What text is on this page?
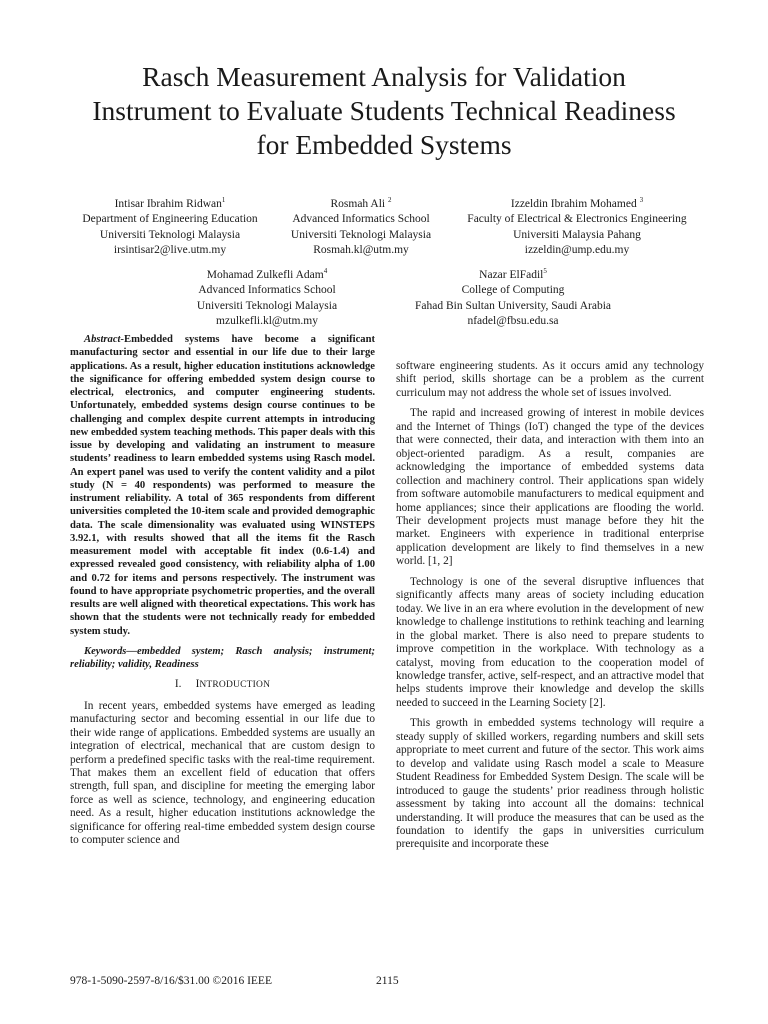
Rasch Measurement Analysis for Validation
Instrument to Evaluate Students Technical Readiness
for Embedded Systems
Intisar Ibrahim Ridwan$^1$
Department of Engineering Education
Universiti Teknologi Malaysia
irsintisar2@live.utm.my
Rosmah Ali $^2$
Advanced Informatics School
Universiti Teknologi Malaysia
Rosmah.kl@utm.my
Izzeldin Ibrahim Mohamed $^3$
Faculty of Electrical & Electronics Engineering
Universiti Malaysia Pahang
izzeldin@ump.edu.my
Mohamad Zulkefli Adam$^4$
Advanced Informatics School
Universiti Teknologi Malaysia
mzulkefli.kl@utm.my
Nazar ElFadil$^5$
College of Computing
Fahad Bin Sultan University, Saudi Arabia
nfadel@fbsu.edu.sa

Abstract-Embedded systems have become a significant manufacturing sector and essential in our life due to their large applications. As a result, higher education institutions acknowledge the significance for offering embedded system design course to electrical, electronics, and computer engineering students. Unfortunately, embedded systems design course continues to be challenging and complex despite current attempts in introducing new embedded system teaching methods. This paper deals with this issue by developing and validating an instrument to measure students’ readiness to learn embedded systems using Rasch model. An expert panel was used to verify the content validity and a pilot study (N = 40 respondents) was performed to measure the instrument reliability. A total of 365 respondents from different universities completed the 10-item scale and provided demographic data. The scale dimensionality was evaluated using WINSTEPS 3.92.1, with results showed that all the items fit the Rasch measurement model with acceptable fit index (0.6-1.4) and expressed revealed good consistency, with reliability alpha of 1.00 and 0.72 for items and persons respectively. The instrument was found to have appropriate psychometric properties, and the overall results are well aligned with theoretical expectations. This work has shown that the students were not technically ready for embedded system study.

Keywords—embedded system; Rasch analysis; instrument; reliability; validity, Readiness

I. INTRODUCTION

In recent years, embedded systems have emerged as leading manufacturing sector and becoming essential in our life due to their wide range of applications. Embedded systems are usually an integration of electrical, mechanical that are custom design to perform a predefined specific tasks with the real-time requirement. That makes them an excellent field of education that offers strength, full span, and discipline for meeting the emerging labor force as well as science, technology, and engineering education need. As a result, higher education institutions acknowledge the significance for offering real-time embedded system design course to computer science and

software engineering students. As it occurs amid any technology shift period, skills shortage can be a problem as the current curriculum may not address the whole set of issues involved.

The rapid and increased growing of interest in mobile devices and the Internet of Things (IoT) changed the type of the devices that were connected, their data, and interaction with them into an object-oriented paradigm. As a result, companies are acknowledging the importance of embedded systems data collection and machinery control. Their applications span widely from software automobile manufacturers to medical equipment and home appliances; since their applications are flooding the world. Their development projects must manage before they hit the market. Engineers with experience in traditional enterprise application development are likely to find themselves in a new world. [1, 2]

Technology is one of the several disruptive influences that significantly affects many areas of society including education today. We live in an era where evolution in the development of new knowledge to challenge institutions to rethink teaching and learning in the global market. There is also need to prepare students to improve competition in the workplace. With technology as a catalyst, moving from education to the cooperation model of knowledge transfer, active, self-respect, and an attractive model that helps students improve their knowledge and develop the skills needed to succeed in the Learning Society [2].

This growth in embedded systems technology will require a steady supply of skilled workers, regarding numbers and skill sets appropriate to meet current and future of the sector. This work aims to develop and validate using Rasch model a scale to Measure Student Readiness for Embedded System Design. The scale will be introduced to gauge the students’ prior readiness through holistic assessment by taking into account all the domains: technical understanding. It will produce the measures that can be used as the foundation to identify the gaps in universities curriculum prerequisite and incorporate these

978-1-5090-2597-8/16/$31.00 ©2016 IEEE	2115
